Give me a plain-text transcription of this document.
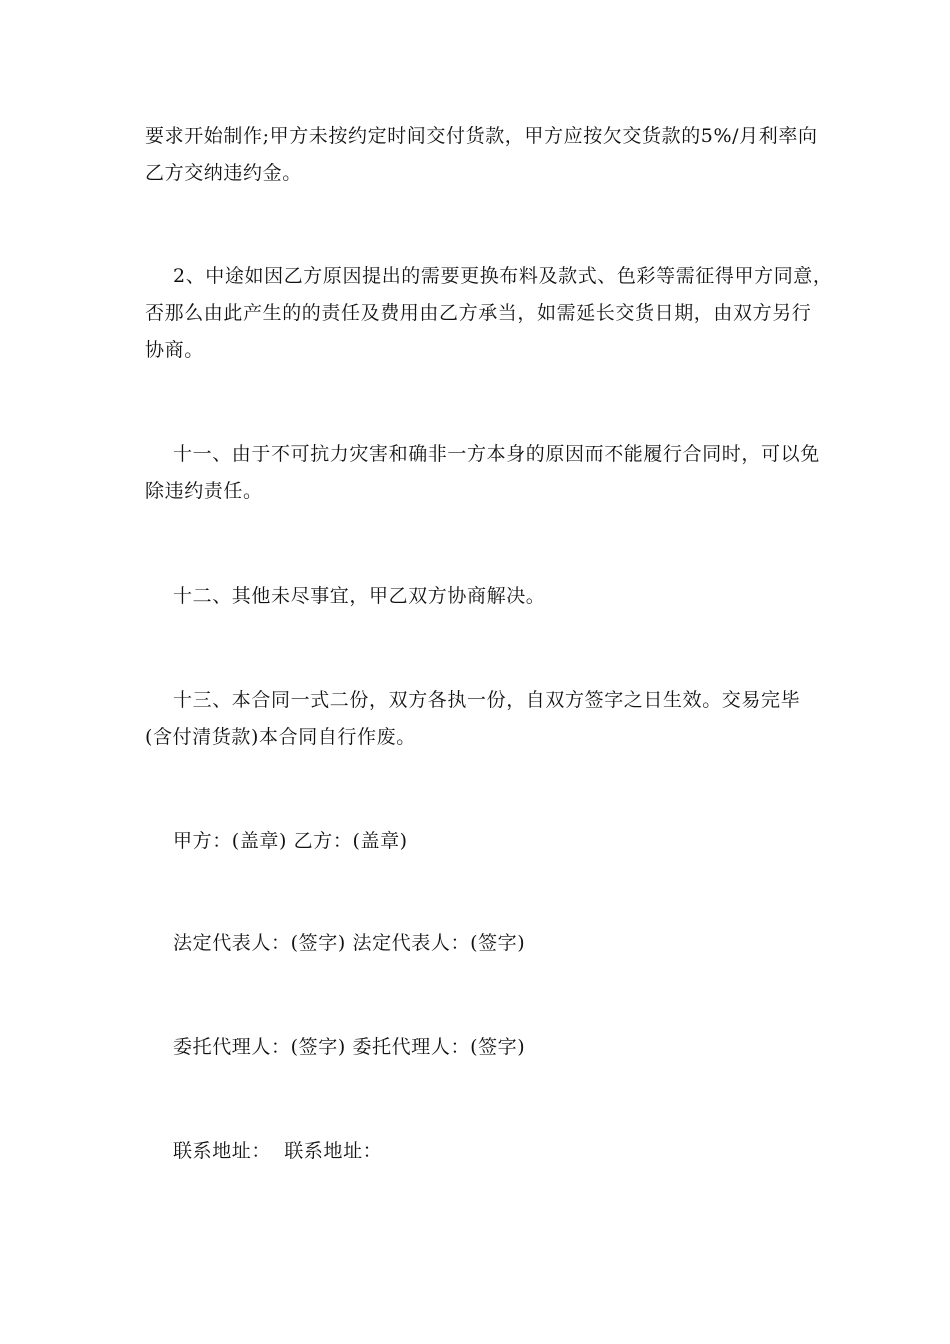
要求开始制作;甲方未按约定时间交付货款，甲方应按欠交货款的5%/月利率向
乙方交纳违约金。

2、中途如因乙方原因提出的需要更换布料及款式、色彩等需征得甲方同意，
否那么由此产生的的责任及费用由乙方承当，如需延长交货日期，由双方另行
协商。

十一、由于不可抗力灾害和确非一方本身的原因而不能履行合同时，可以免
除违约责任。

十二、其他未尽事宜，甲乙双方协商解决。

十三、本合同一式二份，双方各执一份，自双方签字之日生效。交易完毕
(含付清货款)本合同自行作废。

甲方：(盖章) 乙方：(盖章)

法定代表人：(签字) 法定代表人：(签字)

委托代理人：(签字) 委托代理人：(签字)

联系地址：  联系地址：
